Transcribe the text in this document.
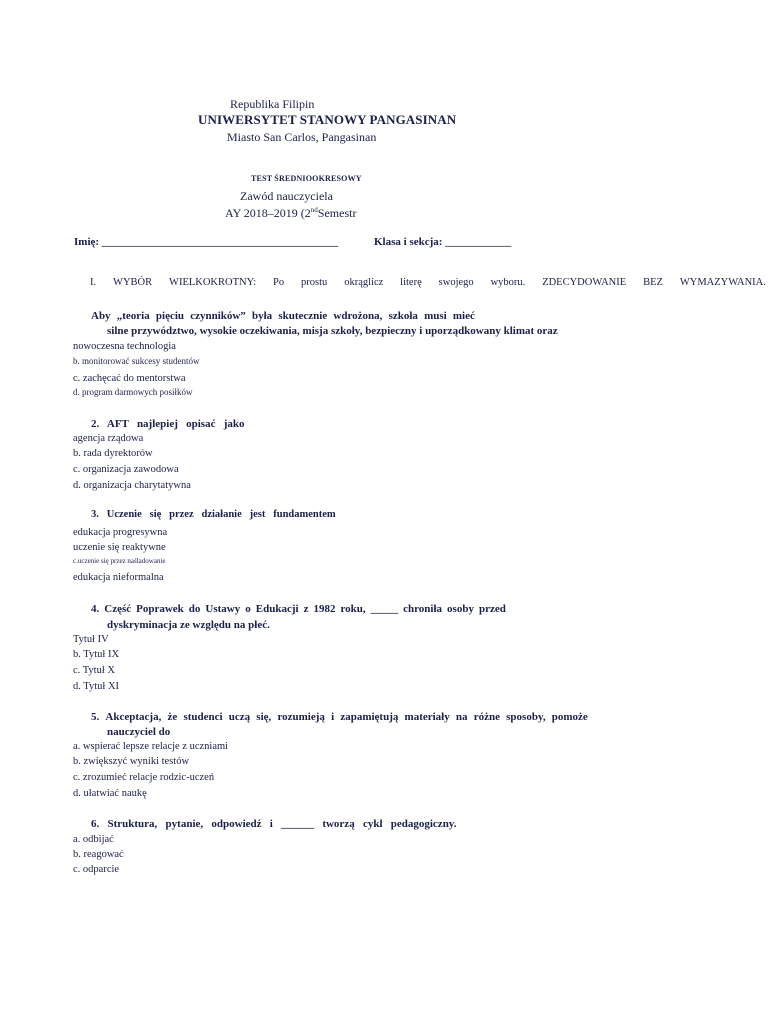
Republika Filipin
UNIWERSYTET STANOWY PANGASINAN
Miasto San Carlos, Pangasinan
TEST ŚREDNIOOKRESOWY
Zawód nauczyciela
AY 2018–2019 (2ndSemestr
Imię: ___________________________________________	Klasa i sekcja: ____________
I. WYBÓR WIELKOKROTNY: Po prostu okrąglicz literę swojego wyboru. ZDECYDOWANIE BEZ WYMAZYWANIA.
Aby „teoria pięciu czynników” była skutecznie wdrożona, szkoła musi mieć
silne przywództwo, wysokie oczekiwania, misja szkoły, bezpieczny i uporządkowany klimat oraz
nowoczesna technologia
b. monitorować sukcesy studentów
c. zachęcać do mentorstwa
d. program darmowych posiłków
2.   AFT   najlepiej   opisać   jako
agencja rządowa
b. rada dyrektorów
c. organizacja zawodowa
d. organizacja charytatywna
3.   Uczenie   się   przez   działanie   jest   fundamentem
edukacja progresywna
uczenie się reaktywne
c.uczenie się przez naśladowanie
edukacja nieformalna
4. Część Poprawek do Ustawy o Edukacji z 1982 roku, _____ chroniła osoby przed
dyskryminacja ze względu na płeć.
Tytuł IV
b. Tytuł IX
c. Tytuł X
d. Tytuł XI
5. Akceptacja, że studenci uczą się, rozumieją i zapamiętują materiały na różne sposoby, pomoże
nauczyciel do
a. wspierać lepsze relacje z uczniami
b. zwiększyć wyniki testów
c. zrozumieć relacje rodzic-uczeń
d. ułatwiać naukę
6.   Struktura,   pytanie,   odpowiedź   i   ______   tworzą   cykl   pedagogiczny.
a. odbijać
b. reagować
c. odparcie
